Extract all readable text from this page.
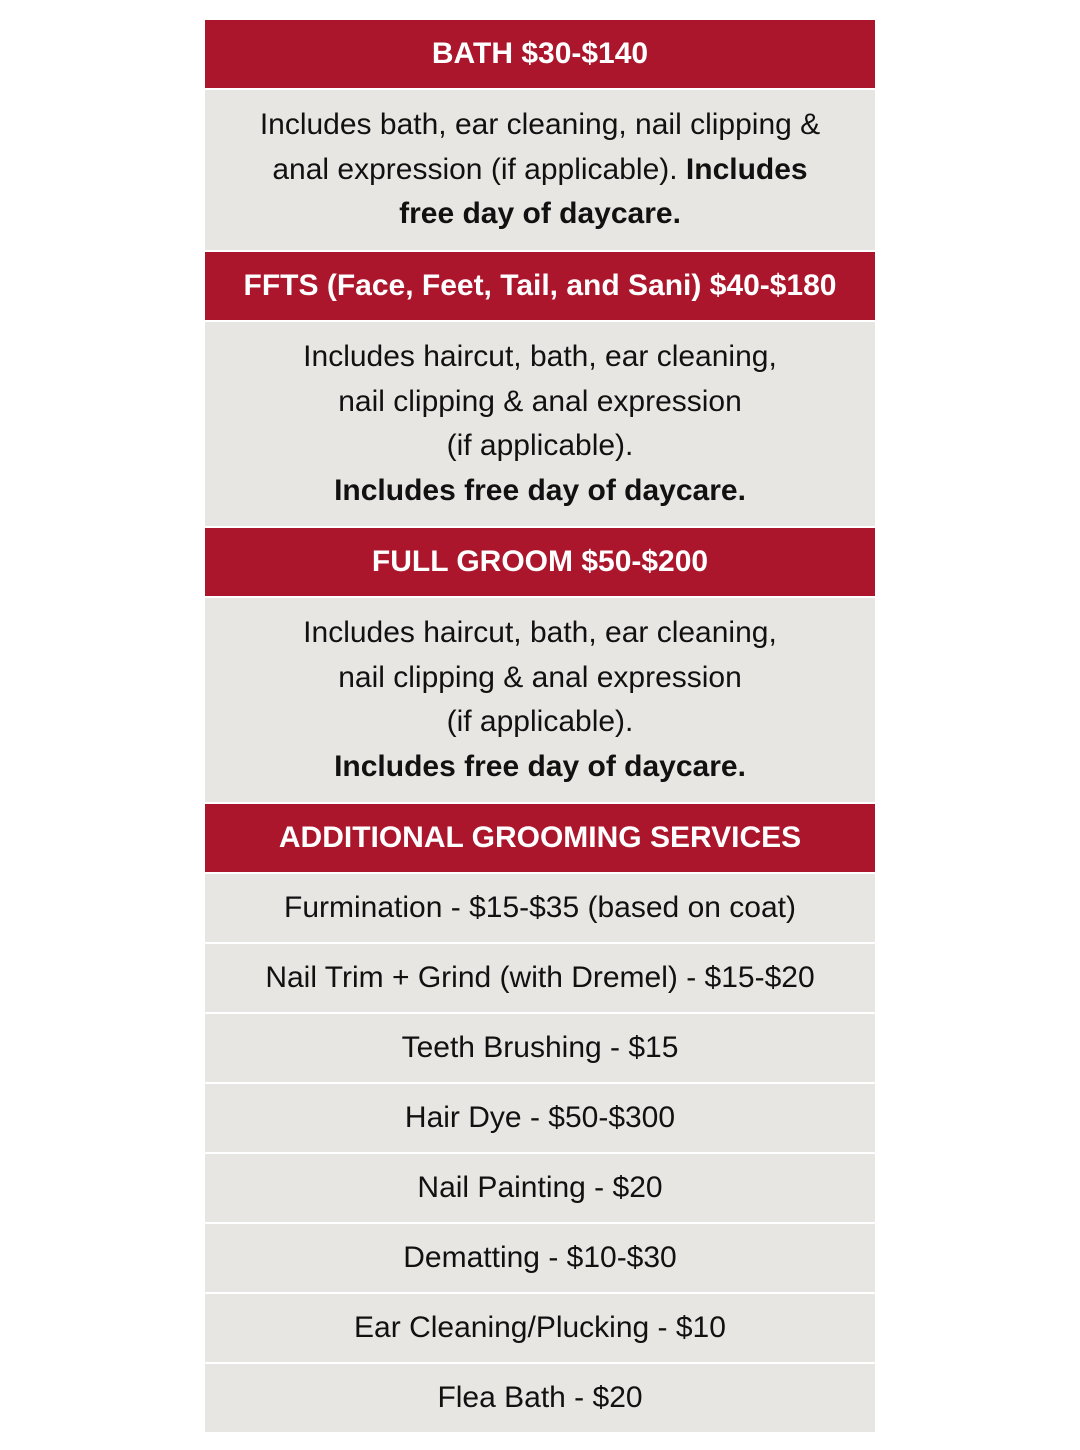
BATH $30-$140
Includes bath, ear cleaning, nail clipping &
anal expression (if applicable). Includes
free day of daycare.
FFTS (Face, Feet, Tail, and Sani) $40-$180
Includes haircut, bath, ear cleaning,
nail clipping & anal expression
(if applicable).
Includes free day of daycare.
FULL GROOM $50-$200
Includes haircut, bath, ear cleaning,
nail clipping & anal expression
(if applicable).
Includes free day of daycare.
ADDITIONAL GROOMING SERVICES
Furmination - $15-$35 (based on coat)
Nail Trim + Grind (with Dremel) - $15-$20
Teeth Brushing - $15
Hair Dye - $50-$300
Nail Painting - $20
Dematting - $10-$30
Ear Cleaning/Plucking - $10
Flea Bath - $20
